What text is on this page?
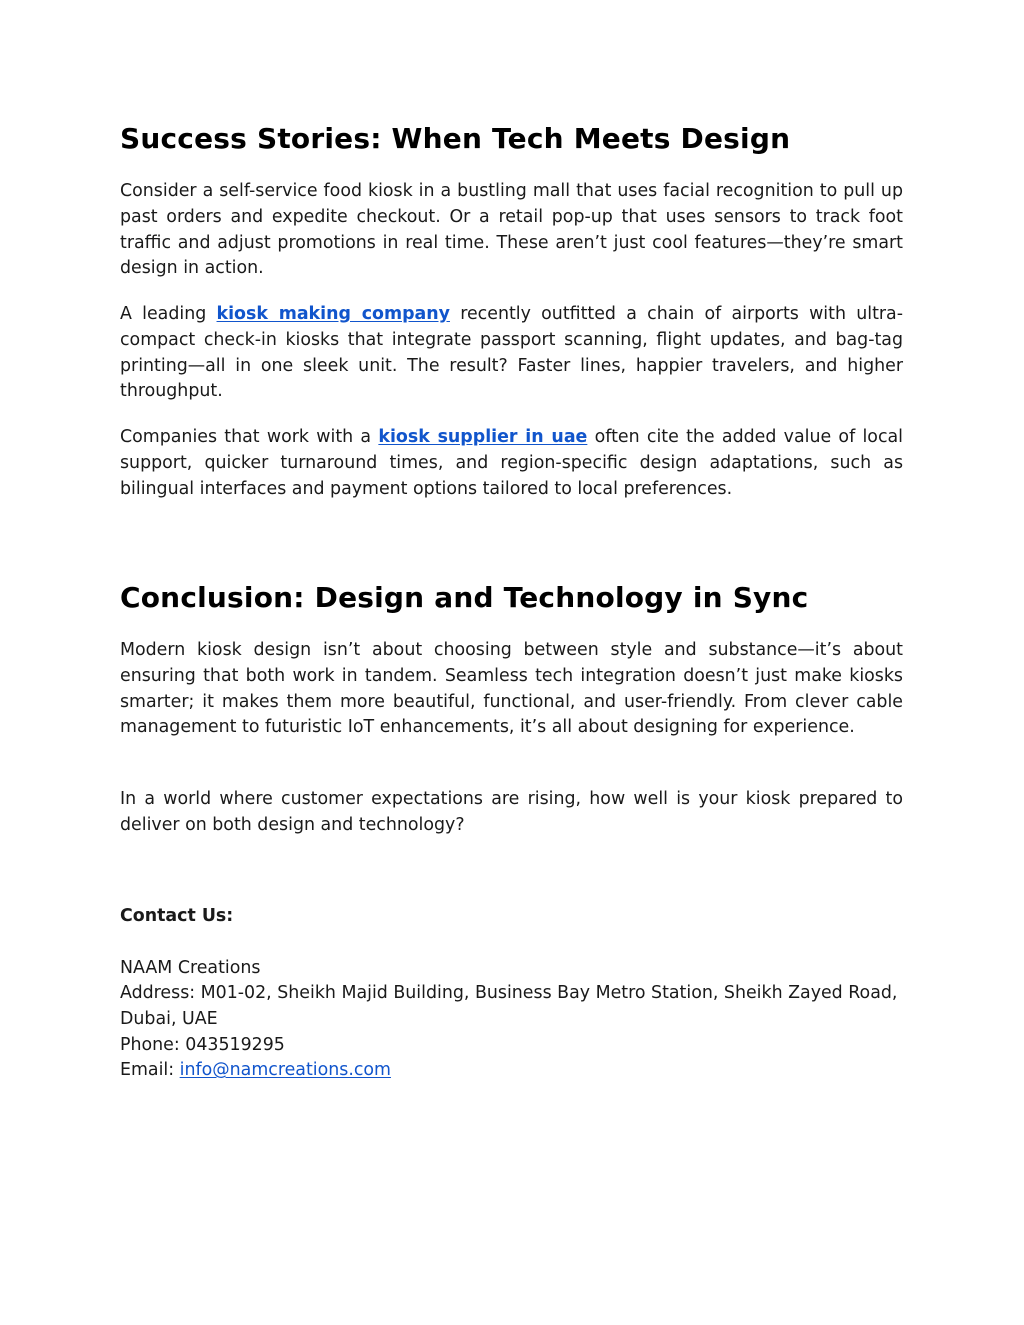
Success Stories: When Tech Meets Design

Consider a self-service food kiosk in a bustling mall that uses facial recognition to pull up past orders and expedite checkout. Or a retail pop-up that uses sensors to track foot traffic and adjust promotions in real time. These aren’t just cool features—they’re smart design in action.

A leading kiosk making company recently outfitted a chain of airports with ultra-compact check-in kiosks that integrate passport scanning, flight updates, and bag-tag printing—all in one sleek unit. The result? Faster lines, happier travelers, and higher throughput.

Companies that work with a kiosk supplier in uae often cite the added value of local support, quicker turnaround times, and region-specific design adaptations, such as bilingual interfaces and payment options tailored to local preferences.

Conclusion: Design and Technology in Sync

Modern kiosk design isn’t about choosing between style and substance—it’s about ensuring that both work in tandem. Seamless tech integration doesn’t just make kiosks smarter; it makes them more beautiful, functional, and user-friendly. From clever cable management to futuristic IoT enhancements, it’s all about designing for experience.

In a world where customer expectations are rising, how well is your kiosk prepared to deliver on both design and technology?

Contact Us:

NAAM Creations

Address: M01-02, Sheikh Majid Building, Business Bay Metro Station, Sheikh Zayed Road, Dubai, UAE

Phone: 043519295

Email: info@namcreations.com
